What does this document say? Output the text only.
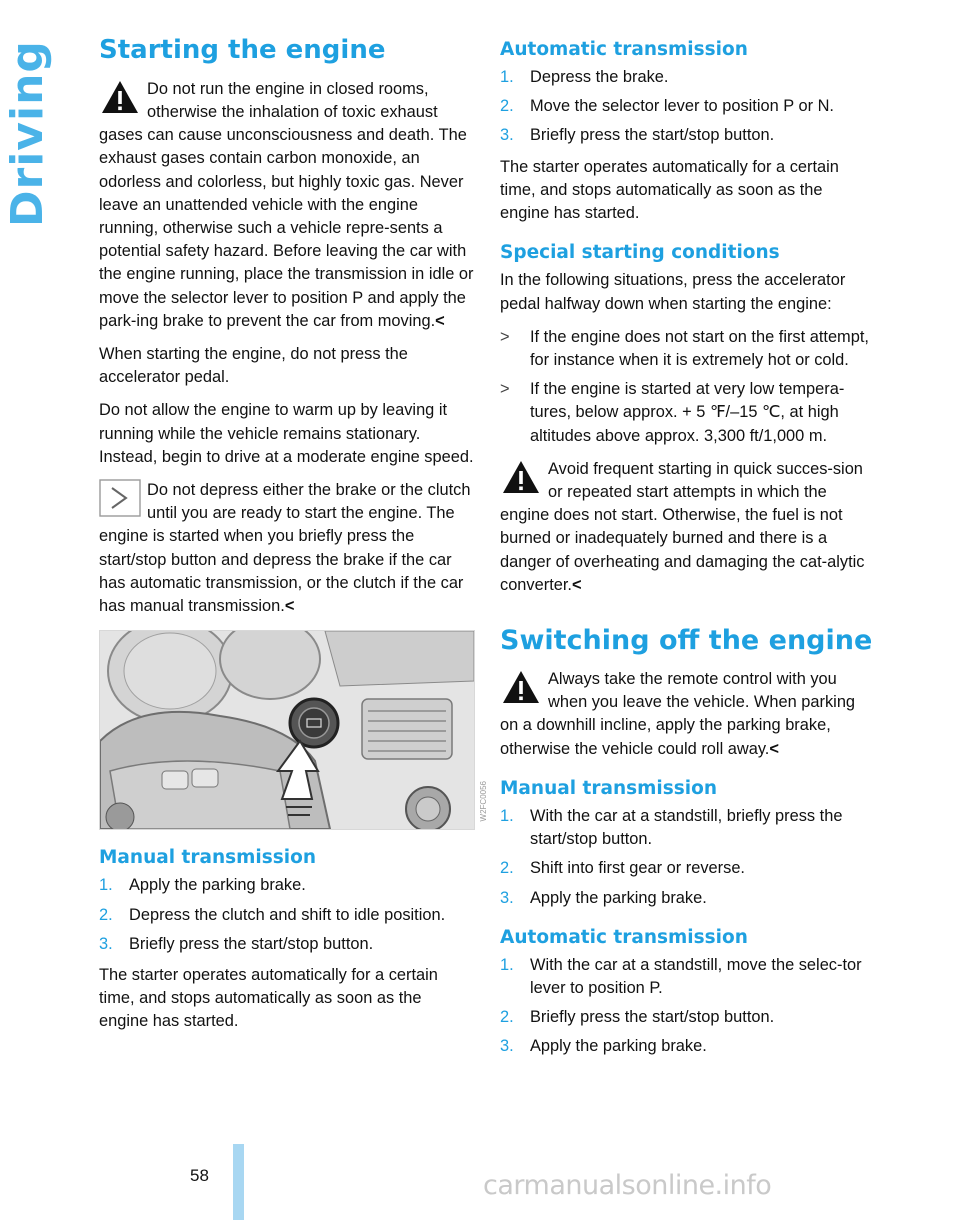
Driving
58	carmanualsonline.info
Starting the engine
Do not run the engine in closed rooms, otherwise the inhalation of toxic exhaust gases can cause unconsciousness and death. The exhaust gases contain carbon monoxide, an odorless and colorless, but highly toxic gas. Never leave an unattended vehicle with the engine running, otherwise such a vehicle repre-sents a potential safety hazard. Before leaving the car with the engine running, place the transmission in idle or move the selector lever to position P and apply the park-ing brake to prevent the car from moving.<

When starting the engine, do not press the accelerator pedal.

Do not allow the engine to warm up by leaving it running while the vehicle remains stationary. Instead, begin to drive at a moderate engine speed.

Do not depress either the brake or the clutch until you are ready to start the engine. The engine is started when you briefly press the start/stop button and depress the brake if the car has automatic transmission, or the clutch if the car has manual transmission.<
W2FC0056
Manual transmission
1. Apply the parking brake.
2. Depress the clutch and shift to idle position.
3. Briefly press the start/stop button.

The starter operates automatically for a certain time, and stops automatically as soon as the engine has started.

Automatic transmission
1. Depress the brake.
2. Move the selector lever to position P or N.
3. Briefly press the start/stop button.

The starter operates automatically for a certain time, and stops automatically as soon as the engine has started.

Special starting conditions

In the following situations, press the accelerator pedal halfway down when starting the engine:

> If the engine does not start on the first attempt, for instance when it is extremely hot or cold.
> If the engine is started at very low tempera-tures, below approx. + 5 ℉/–15 ℃, at high altitudes above approx. 3,300 ft/1,000 m.
Avoid frequent starting in quick succes-sion or repeated start attempts in which the engine does not start. Otherwise, the fuel is not burned or inadequately burned and there is a danger of overheating and damaging the cat-alytic converter.<
Switching off the engine
Always take the remote control with you when you leave the vehicle. When parking on a downhill incline, apply the parking brake, otherwise the vehicle could roll away.<
Manual transmission
1. With the car at a standstill, briefly press the start/stop button.
2. Shift into first gear or reverse.
3. Apply the parking brake.
Automatic transmission
1. With the car at a standstill, move the selec-tor lever to position P.
2. Briefly press the start/stop button.
3. Apply the parking brake.
